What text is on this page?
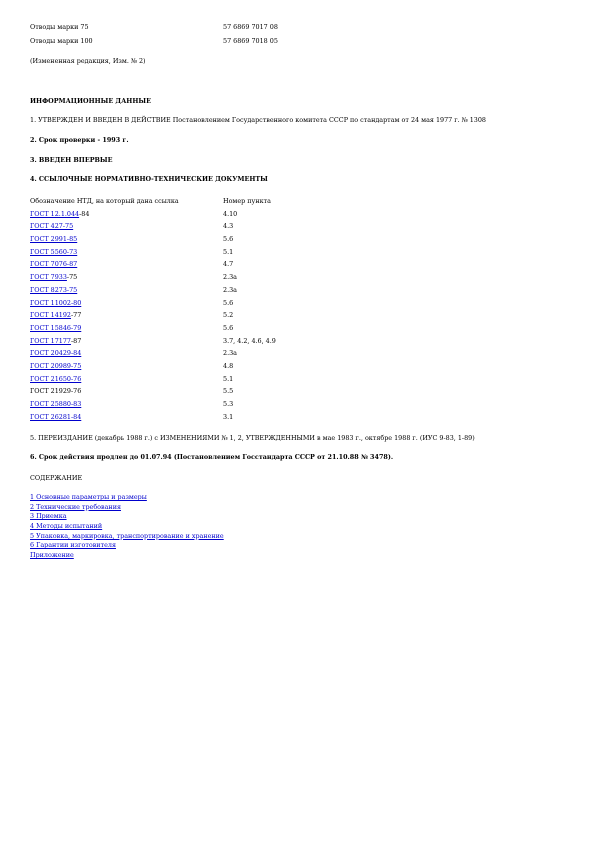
Отводы марки 75	57 6869 7017 08
Отводы марки 100	57 6869 7018 05
(Измененная редакция, Изм. № 2)
ИНФОРМАЦИОННЫЕ ДАННЫЕ
1. УТВЕРЖДЕН И ВВЕДЕН В ДЕЙСТВИЕ Постановлением Государственного комитета СССР по стандартам от 24 мая 1977 г. № 1308
2. Срок проверки - 1993 г.
3. ВВЕДЕН ВПЕРВЫЕ
4. ССЫЛОЧНЫЕ НОРМАТИВНО-ТЕХНИЧЕСКИЕ ДОКУМЕНТЫ
Обозначение НТД, на который дана ссылка	Номер пункта
ГОСТ 12.1.044-84	4.10
ГОСТ 427-75	4.3
ГОСТ 2991-85	5.6
ГОСТ 5560-73	5.1
ГОСТ 7076-87	4.7
ГОСТ 7933-75	2.3а
ГОСТ 8273-75	2.3а
ГОСТ 11002-80	5.6
ГОСТ 14192-77	5.2
ГОСТ 15846-79	5.6
ГОСТ 17177-87	3.7, 4.2, 4.6, 4.9
ГОСТ 20429-84	2.3а
ГОСТ 20989-75	4.8
ГОСТ 21650-76	5.1
ГОСТ 21929-76	5.5
ГОСТ 25880-83	5.3
ГОСТ 26281-84	3.1
5. ПЕРЕИЗДАНИЕ (декабрь 1988 г.) с ИЗМЕНЕНИЯМИ № 1, 2, УТВЕРЖДЕННЫМИ в мае 1983 г., октябре 1988 г. (ИУС 9-83, 1-89)
6. Срок действия продлен до 01.07.94 (Постановлением Госстандарта СССР от 21.10.88 № 3478).
СОДЕРЖАНИЕ
1 Основные параметры и размеры
2 Технические требования
3 Приемка
4 Методы испытаний
5 Упаковка, маркировка, транспортирование и хранение
6 Гарантии изготовителя
Приложение
